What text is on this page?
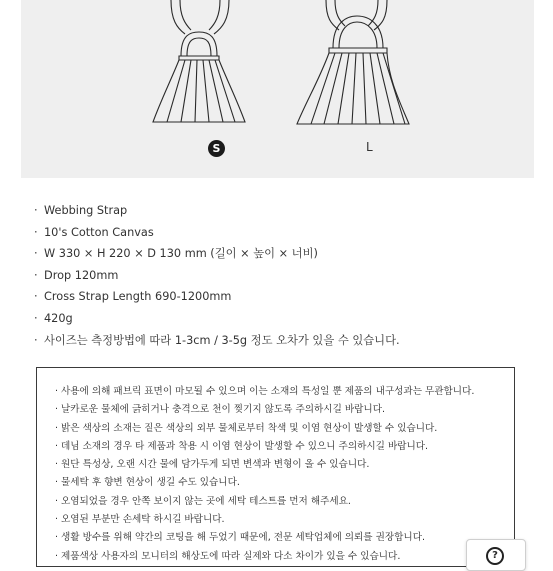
S	L
· Webbing Strap
· 10's Cotton Canvas
· W 330 × H 220 × D 130 mm (길이 × 높이 × 너비)
· Drop 120mm
· Cross Strap Length 690-1200mm
· 420g
· 사이즈는 측정방법에 따라 1-3cm / 3-5g 정도 오차가 있을 수 있습니다.
· 사용에 의해 패브릭 표면이 마모될 수 있으며 이는 소재의 특성일 뿐 제품의 내구성과는 무관합니다.
· 날카로운 물체에 긁히거나 충격으로 천이 찢기지 않도록 주의하시길 바랍니다.
· 밝은 색상의 소재는 짙은 색상의 외부 물체로부터 착색 및 이염 현상이 발생할 수 있습니다.
· 데님 소재의 경우 타 제품과 착용 시 이염 현상이 발생할 수 있으니 주의하시길 바랍니다.
· 원단 특성상, 오랜 시간 물에 담가두게 되면 변색과 변형이 올 수 있습니다.
· 물세탁 후 향변 현상이 생길 수도 있습니다.
· 오염되었을 경우 안쪽 보이지 않는 곳에 세탁 테스트를 먼저 해주세요.
· 오염된 부분만 손세탁 하시길 바랍니다.
· 생활 방수를 위해 약간의 코팅을 해 두었기 때문에, 전문 세탁업체에 의뢰를 권장합니다.
· 제품색상 사용자의 모니터의 해상도에 따라 실제와 다소 차이가 있을 수 있습니다.	?
